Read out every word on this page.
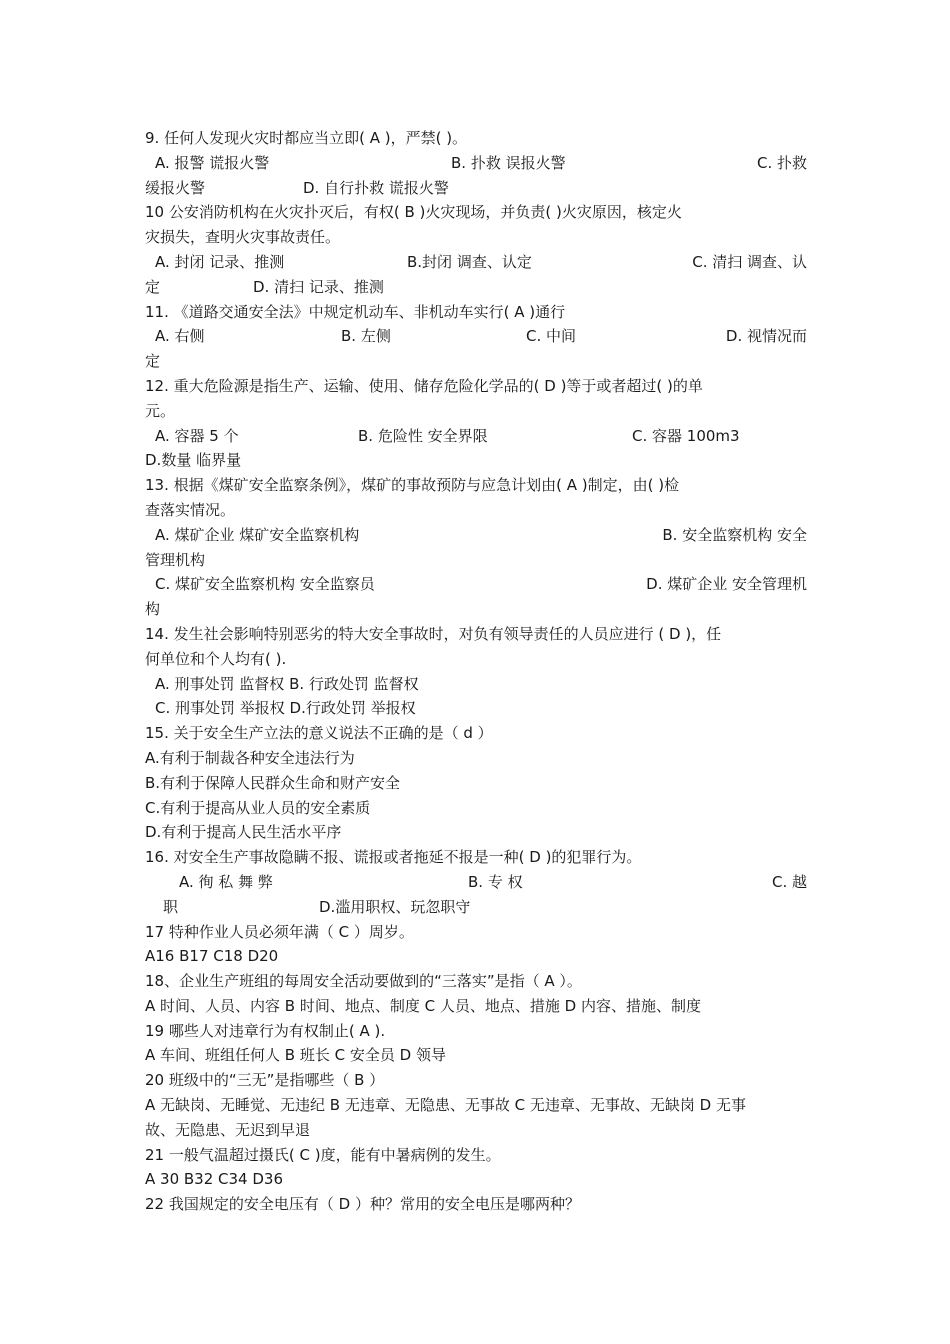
9. 任何人发现火灾时都应当立即( A )，严禁( )。
A. 报警 谎报火警	B. 扑救 误报火警	C. 扑救
缓报火警	D. 自行扑救 谎报火警
10 公安消防机构在火灾扑灭后，有权( B )火灾现场，并负责( )火灾原因，核定火
灾损失，查明火灾事故责任。
A. 封闭 记录、推测	B.封闭 调查、认定	C. 清扫 调查、认
定	D. 清扫 记录、推测
11. 《道路交通安全法》中规定机动车、非机动车实行( A )通行
A. 右侧	B. 左侧	C. 中间	D. 视情况而
定
12. 重大危险源是指生产、运输、使用、储存危险化学品的( D )等于或者超过( )的单
元。
A. 容器 5 个	B. 危险性 安全界限	C. 容器 100m3
D.数量 临界量
13. 根据《煤矿安全监察条例》，煤矿的事故预防与应急计划由( A )制定，由( )检
查落实情况。
A. 煤矿企业 煤矿安全监察机构	B. 安全监察机构 安全
管理机构
C. 煤矿安全监察机构 安全监察员	D. 煤矿企业 安全管理机
构
14. 发生社会影响特别恶劣的特大安全事故时，对负有领导责任的人员应进行 ( D )，任
何单位和个人均有( ).
A. 刑事处罚 监督权 B. 行政处罚 监督权
C. 刑事处罚 举报权 D.行政处罚 举报权
15. 关于安全生产立法的意义说法不正确的是（ d ）
A.有利于制裁各种安全违法行为
B.有利于保障人民群众生命和财产安全
C.有利于提高从业人员的安全素质
D.有利于提高人民生活水平序
16. 对安全生产事故隐瞒不报、谎报或者拖延不报是一种( D )的犯罪行为。
A. 徇 私 舞 弊	B. 专 权	C. 越
职	D.滥用职权、玩忽职守
17 特种作业人员必须年满（ C ）周岁。
A16 B17 C18 D20
18、企业生产班组的每周安全活动要做到的“三落实”是指（ A ）。
A 时间、人员、内容 B 时间、地点、制度 C 人员、地点、措施 D 内容、措施、制度
19 哪些人对违章行为有权制止( A ).
A 车间、班组任何人 B 班长 C 安全员 D 领导
20 班级中的“三无”是指哪些（ B ）
A 无缺岗、无睡觉、无违纪 B 无违章、无隐患、无事故 C 无违章、无事故、无缺岗 D 无事
故、无隐患、无迟到早退
21 一般气温超过摄氏( C )度，能有中暑病例的发生。
A 30 B32 C34 D36
22 我国规定的安全电压有（ D ）种？常用的安全电压是哪两种？
